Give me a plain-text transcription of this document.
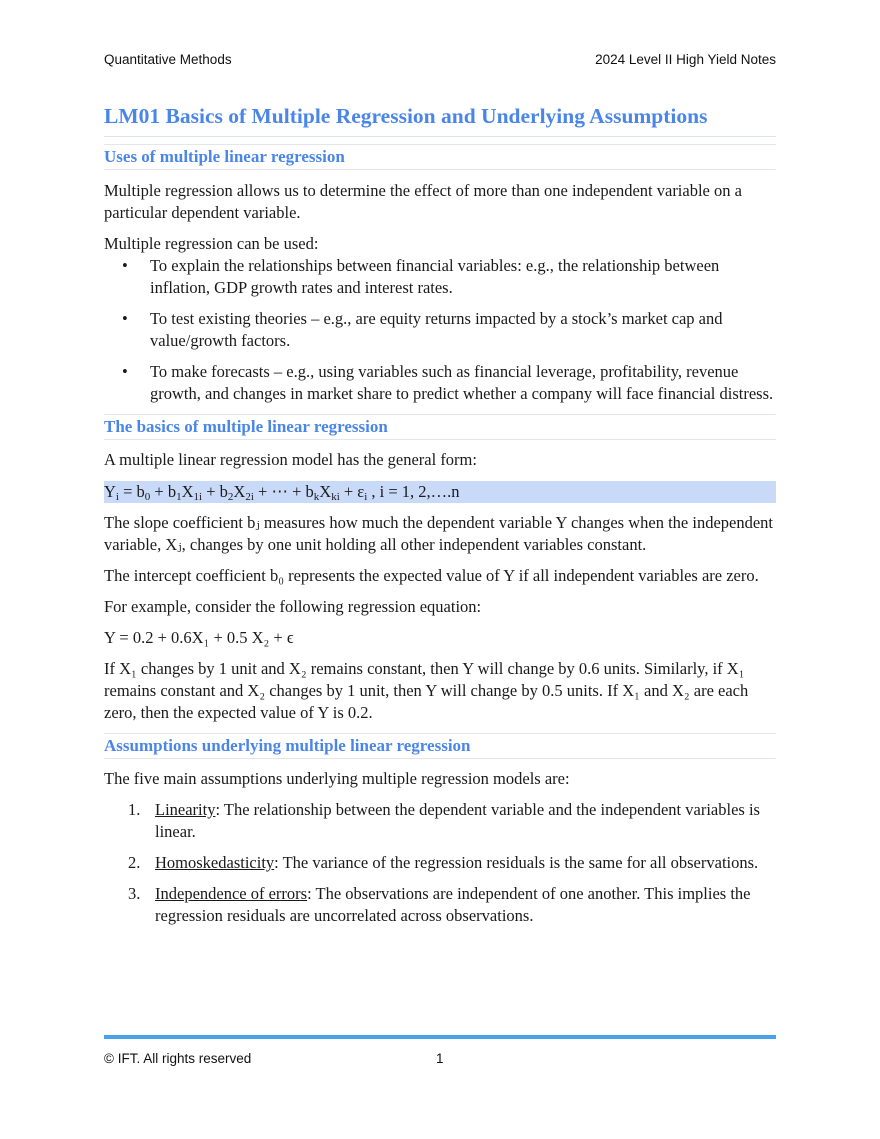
Quantitative Methods	2024 Level II High Yield Notes
LM01 Basics of Multiple Regression and Underlying Assumptions
Uses of multiple linear regression

Multiple regression allows us to determine the effect of more than one independent variable on a particular dependent variable.

Multiple regression can be used:

• To explain the relationships between financial variables: e.g., the relationship between inflation, GDP growth rates and interest rates.
• To test existing theories – e.g., are equity returns impacted by a stock’s market cap and value/growth factors.
• To make forecasts – e.g., using variables such as financial leverage, profitability, revenue growth, and changes in market share to predict whether a company will face financial distress.
The basics of multiple linear regression

A multiple linear regression model has the general form:

$Y_i = b_0 + b_1X_{1i} + b_2X_{2i}$ + ⋯ + $b_kX_{ki} + \varepsilon_i$ , i = 1, 2,….n

The slope coefficient bⱼ measures how much the dependent variable Y changes when the independent variable, Xⱼ, changes by one unit holding all other independent variables constant.

The intercept coefficient b₀ represents the expected value of Y if all independent variables are zero.

For example, consider the following regression equation:

Y = 0.2 + 0.6X₁ + 0.5 X₂ + ϵ

If X₁ changes by 1 unit and X₂ remains constant, then Y will change by 0.6 units. Similarly, if X₁ remains constant and X₂ changes by 1 unit, then Y will change by 0.5 units. If X₁ and X₂ are each zero, then the expected value of Y is 0.2.

Assumptions underlying multiple linear regression

The five main assumptions underlying multiple regression models are:

1. Linearity: The relationship between the dependent variable and the independent variables is linear.
2. Homoskedasticity: The variance of the regression residuals is the same for all observations.
3. Independence of errors: The observations are independent of one another. This implies the regression residuals are uncorrelated across observations.
© IFT. All rights reserved	1
